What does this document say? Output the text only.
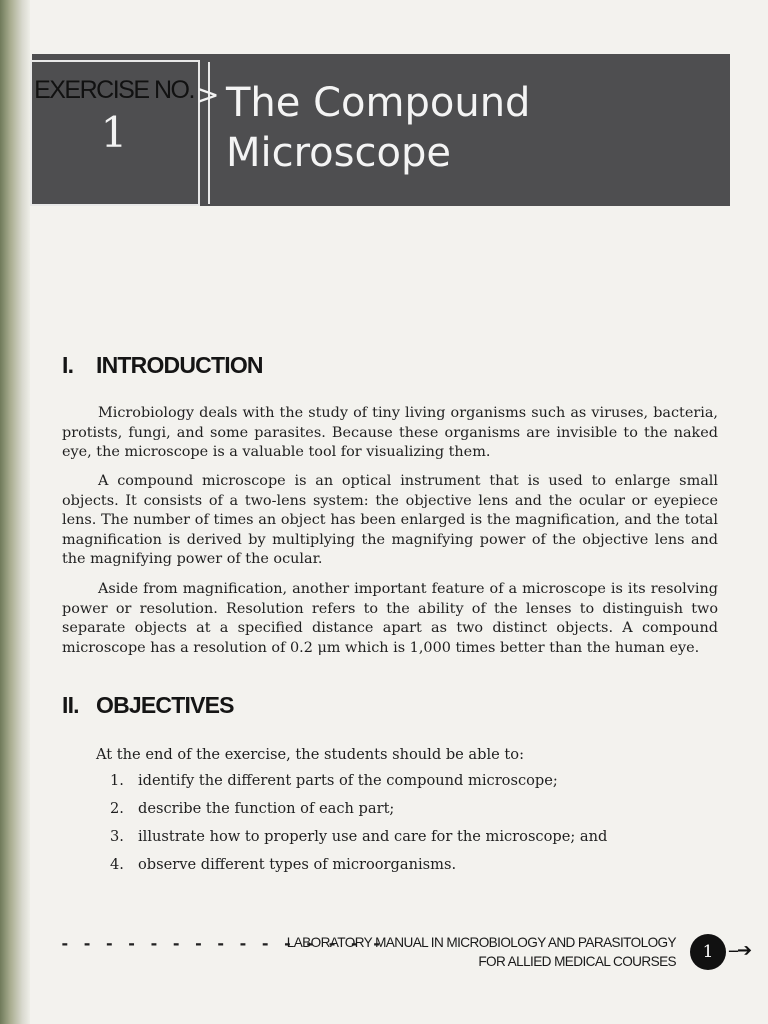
EXERCISE NO.
1
> The Compound
Microscope
I. INTRODUCTION

Microbiology deals with the study of tiny living organisms such as viruses, bacteria, protists, fungi, and some parasites. Because these organisms are invisible to the naked eye, the microscope is a valuable tool for visualizing them.

A compound microscope is an optical instrument that is used to enlarge small objects. It consists of a two-lens system: the objective lens and the ocular or eyepiece lens. The number of times an object has been enlarged is the magnification, and the total magnification is derived by multiplying the magnifying power of the objective lens and the magnifying power of the ocular.

Aside from magnification, another important feature of a microscope is its resolving power or resolution. Resolution refers to the ability of the lenses to distinguish two separate objects at a specified distance apart as two distinct objects. A compound microscope has a resolution of 0.2 μm which is 1,000 times better than the human eye.

II. OBJECTIVES
At the end of the exercise, the students should be able to:
1. identify the different parts of the compound microscope;
2. describe the function of each part;
3. illustrate how to properly use and care for the microscope; and
4. observe different types of microorganisms.
- - - - - - - - - - - - - - -
LABORATORY MANUAL IN MICROBIOLOGY AND PARASITOLOGY
FOR ALLIED MEDICAL COURSES	1 --➔
